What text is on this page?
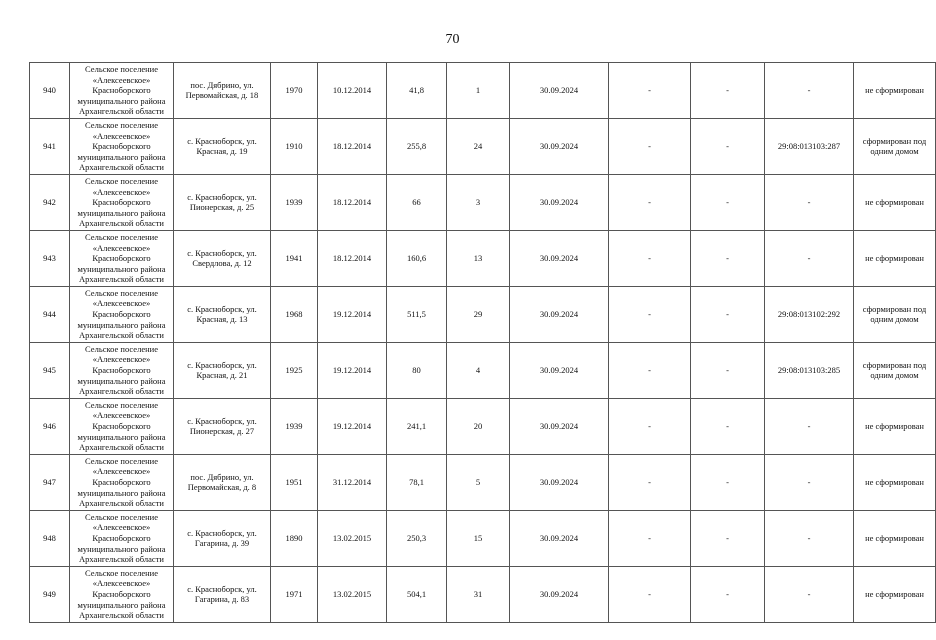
70
940	Сельское поселение
«Алексеевское»
Красноборского
муниципального района
Архангельской области	пос. Дябрино, ул. Первомайская, д. 18	1970	10.12.2014	41,8	1	30.09.2024	-	-	-	не сформирован
941	Сельское поселение
«Алексеевское»
Красноборского
муниципального района
Архангельской области	с. Красноборск, ул. Красная, д. 19	1910	18.12.2014	255,8	24	30.09.2024	-	-	29:08:013103:287	сформирован под одним домом
942	Сельское поселение
«Алексеевское»
Красноборского
муниципального района
Архангельской области	с. Красноборск, ул. Пионерская, д. 25	1939	18.12.2014	66	3	30.09.2024	-	-	-	не сформирован
943	Сельское поселение
«Алексеевское»
Красноборского
муниципального района
Архангельской области	с. Красноборск, ул. Свердлова, д. 12	1941	18.12.2014	160,6	13	30.09.2024	-	-	-	не сформирован
944	Сельское поселение
«Алексеевское»
Красноборского
муниципального района
Архангельской области	с. Красноборск, ул. Красная, д. 13	1968	19.12.2014	511,5	29	30.09.2024	-	-	29:08:013102:292	сформирован под одним домом
945	Сельское поселение
«Алексеевское»
Красноборского
муниципального района
Архангельской области	с. Красноборск, ул. Красная, д. 21	1925	19.12.2014	80	4	30.09.2024	-	-	29:08:013103:285	сформирован под одним домом
946	Сельское поселение
«Алексеевское»
Красноборского
муниципального района
Архангельской области	с. Красноборск, ул. Пионерская, д. 27	1939	19.12.2014	241,1	20	30.09.2024	-	-	-	не сформирован
947	Сельское поселение
«Алексеевское»
Красноборского
муниципального района
Архангельской области	пос. Дябрино, ул. Первомайская, д. 8	1951	31.12.2014	78,1	5	30.09.2024	-	-	-	не сформирован
948	Сельское поселение
«Алексеевское»
Красноборского
муниципального района
Архангельской области	с. Красноборск, ул. Гагарина, д. 39	1890	13.02.2015	250,3	15	30.09.2024	-	-	-	не сформирован
949	Сельское поселение
«Алексеевское»
Красноборского
муниципального района
Архангельской области	с. Красноборск, ул. Гагарина, д. 83	1971	13.02.2015	504,1	31	30.09.2024	-	-	-	не сформирован
